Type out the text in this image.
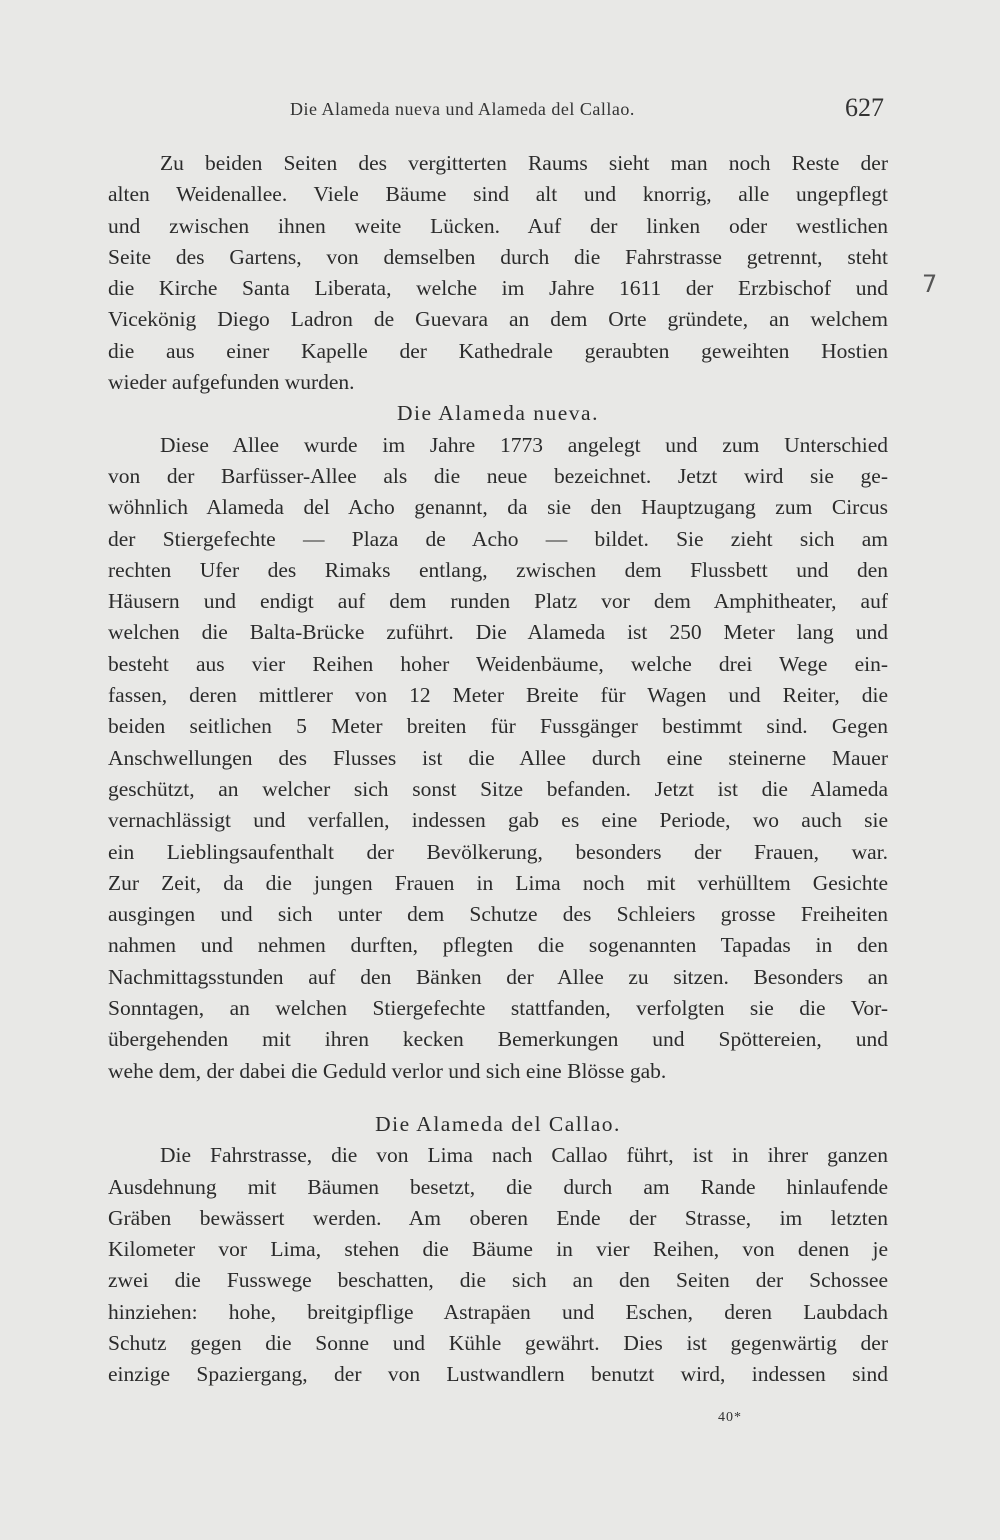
Die Alameda nueva und Alameda del Callao.	627
7
Zu beiden Seiten des vergitterten Raums sieht man noch Reste der
alten Weidenallee. Viele Bäume sind alt und knorrig, alle ungepflegt
und zwischen ihnen weite Lücken. Auf der linken oder westlichen
Seite des Gartens, von demselben durch die Fahrstrasse getrennt, steht
die Kirche Santa Liberata, welche im Jahre 1611 der Erzbischof und
Vicekönig Diego Ladron de Guevara an dem Orte gründete, an welchem
die aus einer Kapelle der Kathedrale geraubten geweihten Hostien
wieder aufgefunden wurden.
Die Alameda nueva.
Diese Allee wurde im Jahre 1773 angelegt und zum Unterschied
von der Barfüsser-Allee als die neue bezeichnet. Jetzt wird sie ge-
wöhnlich Alameda del Acho genannt, da sie den Hauptzugang zum Circus
der Stiergefechte — Plaza de Acho — bildet. Sie zieht sich am
rechten Ufer des Rimaks entlang, zwischen dem Flussbett und den
Häusern und endigt auf dem runden Platz vor dem Amphitheater, auf
welchen die Balta-Brücke zuführt. Die Alameda ist 250 Meter lang und
besteht aus vier Reihen hoher Weidenbäume, welche drei Wege ein-
fassen, deren mittlerer von 12 Meter Breite für Wagen und Reiter, die
beiden seitlichen 5 Meter breiten für Fussgänger bestimmt sind. Gegen
Anschwellungen des Flusses ist die Allee durch eine steinerne Mauer
geschützt, an welcher sich sonst Sitze befanden. Jetzt ist die Alameda
vernachlässigt und verfallen, indessen gab es eine Periode, wo auch sie
ein Lieblingsaufenthalt der Bevölkerung, besonders der Frauen, war.
Zur Zeit, da die jungen Frauen in Lima noch mit verhülltem Gesichte
ausgingen und sich unter dem Schutze des Schleiers grosse Freiheiten
nahmen und nehmen durften, pflegten die sogenannten Tapadas in den
Nachmittagsstunden auf den Bänken der Allee zu sitzen. Besonders an
Sonntagen, an welchen Stiergefechte stattfanden, verfolgten sie die Vor-
übergehenden mit ihren kecken Bemerkungen und Spöttereien, und
wehe dem, der dabei die Geduld verlor und sich eine Blösse gab.
Die Alameda del Callao.
Die Fahrstrasse, die von Lima nach Callao führt, ist in ihrer ganzen
Ausdehnung mit Bäumen besetzt, die durch am Rande hinlaufende
Gräben bewässert werden. Am oberen Ende der Strasse, im letzten
Kilometer vor Lima, stehen die Bäume in vier Reihen, von denen je
zwei die Fusswege beschatten, die sich an den Seiten der Schossee
hinziehen: hohe, breitgipflige Astrapäen und Eschen, deren Laubdach
Schutz gegen die Sonne und Kühle gewährt. Dies ist gegenwärtig der
einzige Spaziergang, der von Lustwandlern benutzt wird, indessen sind
40*
